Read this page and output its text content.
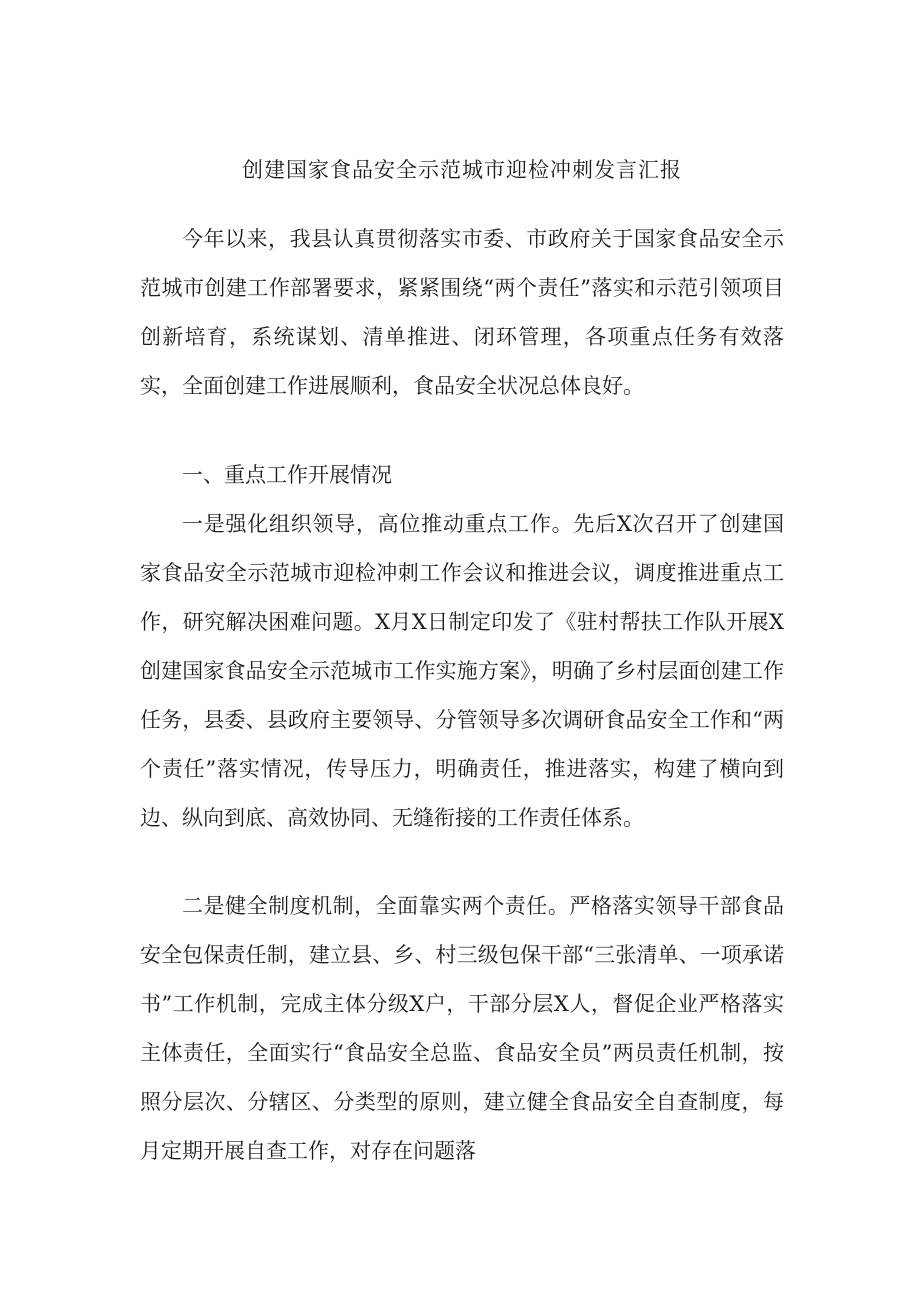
创建国家食品安全示范城市迎检冲刺发言汇报

今年以来，我县认真贯彻落实市委、市政府关于国家食品安全示范城市创建工作部署要求，紧紧围绕“两个责任”落实和示范引领项目创新培育，系统谋划、清单推进、闭环管理，各项重点任务有效落实，全面创建工作进展顺利，食品安全状况总体良好。

一、重点工作开展情况

一是强化组织领导，高位推动重点工作。先后X次召开了创建国家食品安全示范城市迎检冲刺工作会议和推进会议，调度推进重点工作，研究解决困难问题。X月X日制定印发了《驻村帮扶工作队开展X创建国家食品安全示范城市工作实施方案》，明确了乡村层面创建工作任务，县委、县政府主要领导、分管领导多次调研食品安全工作和“两个责任”落实情况，传导压力，明确责任，推进落实，构建了横向到边、纵向到底、高效协同、无缝衔接的工作责任体系。

二是健全制度机制，全面靠实两个责任。严格落实领导干部食品安全包保责任制，建立县、乡、村三级包保干部“三张清单、一项承诺书”工作机制，完成主体分级X户，干部分层X人，督促企业严格落实主体责任，全面实行“食品安全总监、食品安全员”两员责任机制，按照分层次、分辖区、分类型的原则，建立健全食品安全自查制度，每月定期开展自查工作，对存在问题落
